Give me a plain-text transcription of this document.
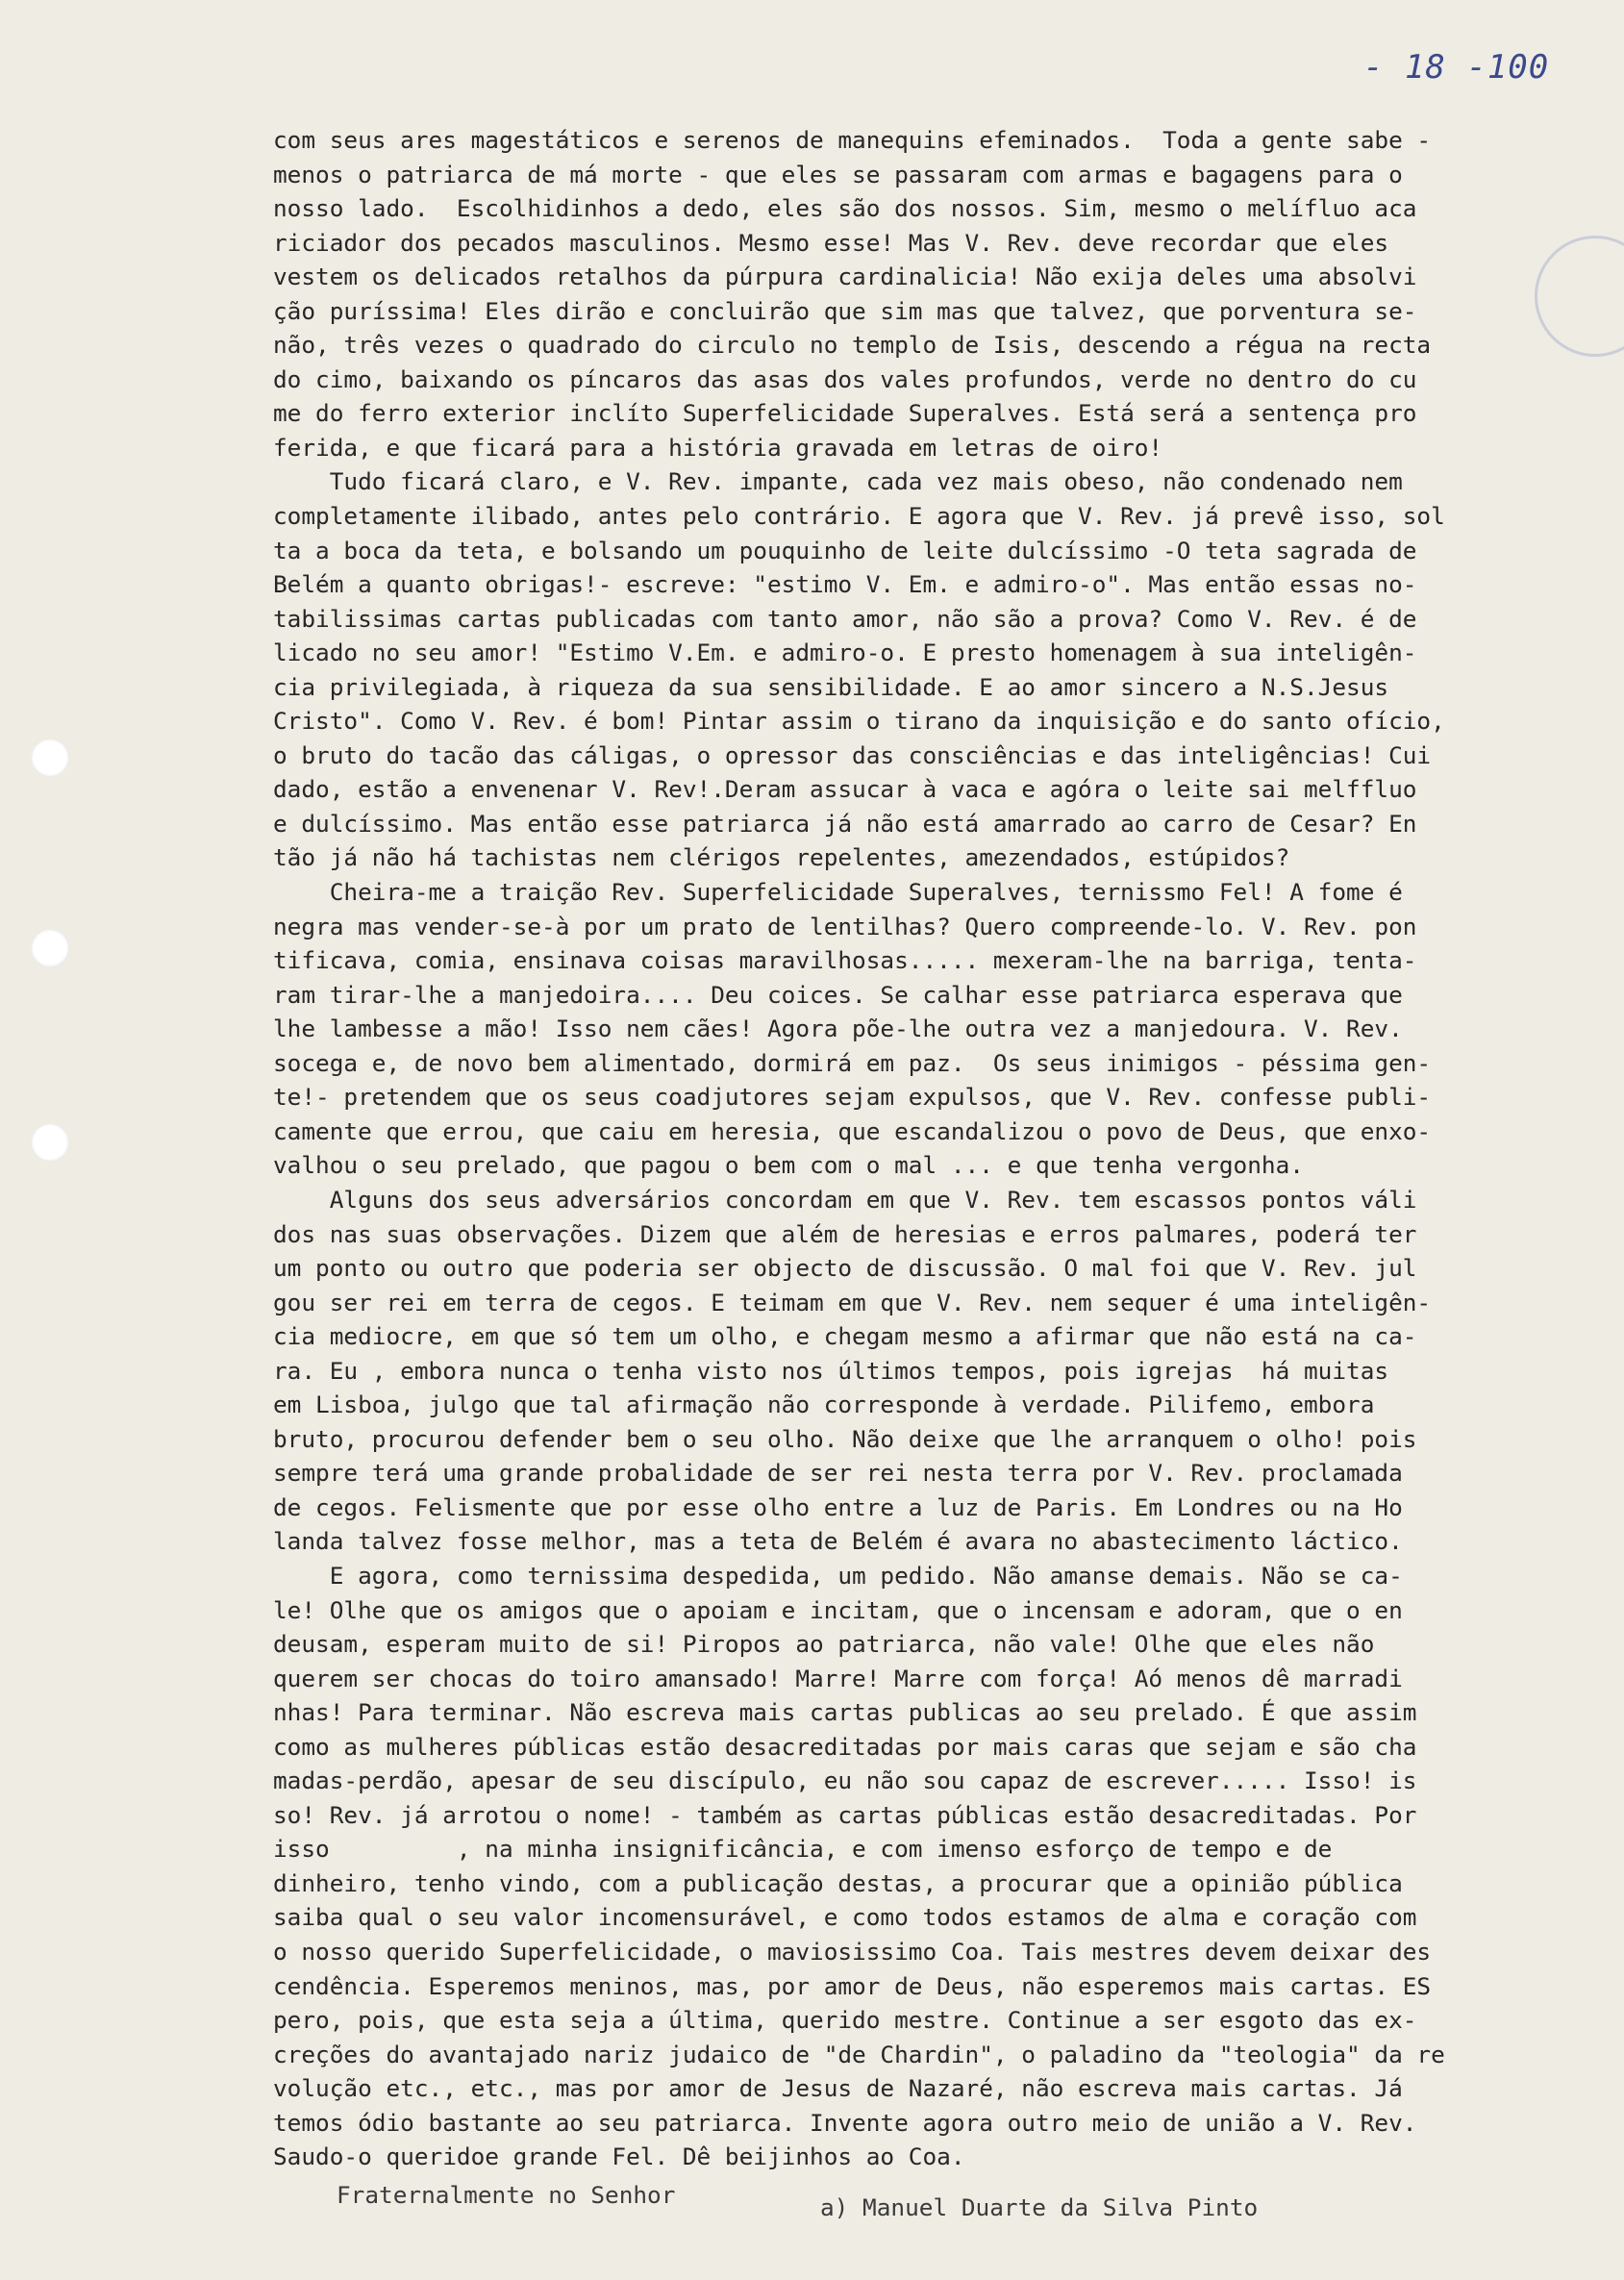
- 18 -100
com seus ares magestáticos e serenos de manequins efeminados.  Toda a gente sabe -
menos o patriarca de má morte - que eles se passaram com armas e bagagens para o
nosso lado.  Escolhidinhos a dedo, eles são dos nossos. Sim, mesmo o melífluo aca
riciador dos pecados masculinos. Mesmo esse! Mas V. Rev. deve recordar que eles
vestem os delicados retalhos da púrpura cardinalicia! Não exija deles uma absolvi
ção puríssima! Eles dirão e concluirão que sim mas que talvez, que porventura se-
não, três vezes o quadrado do circulo no templo de Isis, descendo a régua na recta
do cimo, baixando os píncaros das asas dos vales profundos, verde no dentro do cu
me do ferro exterior inclíto Superfelicidade Superalves. Está será a sentença pro
ferida, e que ficará para a história gravada em letras de oiro!
Tudo ficará claro, e V. Rev. impante, cada vez mais obeso, não condenado nem
completamente ilibado, antes pelo contrário. E agora que V. Rev. já prevê isso, sol
ta a boca da teta, e bolsando um pouquinho de leite dulcíssimo -O teta sagrada de
Belém a quanto obrigas!- escreve: "estimo V. Em. e admiro-o". Mas então essas no-
tabilissimas cartas publicadas com tanto amor, não são a prova? Como V. Rev. é de
licado no seu amor! "Estimo V.Em. e admiro-o. E presto homenagem à sua inteligên-
cia privilegiada, à riqueza da sua sensibilidade. E ao amor sincero a N.S.Jesus
Cristo". Como V. Rev. é bom! Pintar assim o tirano da inquisição e do santo ofício,
o bruto do tacão das cáligas, o opressor das consciências e das inteligências! Cui
dado, estão a envenenar V. Rev!.Deram assucar à vaca e agóra o leite sai melffluo
e dulcíssimo. Mas então esse patriarca já não está amarrado ao carro de Cesar? En
tão já não há tachistas nem clérigos repelentes, amezendados, estúpidos?
Cheira-me a traição Rev. Superfelicidade Superalves, ternissmo Fel! A fome é
negra mas vender-se-à por um prato de lentilhas? Quero compreende-lo. V. Rev. pon
tificava, comia, ensinava coisas maravilhosas..... mexeram-lhe na barriga, tenta-
ram tirar-lhe a manjedoira.... Deu coices. Se calhar esse patriarca esperava que
lhe lambesse a mão! Isso nem cães! Agora põe-lhe outra vez a manjedoura. V. Rev.
socega e, de novo bem alimentado, dormirá em paz.  Os seus inimigos - péssima gen-
te!- pretendem que os seus coadjutores sejam expulsos, que V. Rev. confesse publi-
camente que errou, que caiu em heresia, que escandalizou o povo de Deus, que enxo-
valhou o seu prelado, que pagou o bem com o mal ... e que tenha vergonha.
Alguns dos seus adversários concordam em que V. Rev. tem escassos pontos váli
dos nas suas observações. Dizem que além de heresias e erros palmares, poderá ter
um ponto ou outro que poderia ser objecto de discussão. O mal foi que V. Rev. jul
gou ser rei em terra de cegos. E teimam em que V. Rev. nem sequer é uma inteligên-
cia mediocre, em que só tem um olho, e chegam mesmo a afirmar que não está na ca-
ra. Eu , embora nunca o tenha visto nos últimos tempos, pois igrejas  há muitas
em Lisboa, julgo que tal afirmação não corresponde à verdade. Pilifemo, embora
bruto, procurou defender bem o seu olho. Não deixe que lhe arranquem o olho! pois
sempre terá uma grande probalidade de ser rei nesta terra por V. Rev. proclamada
de cegos. Felismente que por esse olho entre a luz de Paris. Em Londres ou na Ho
landa talvez fosse melhor, mas a teta de Belém é avara no abastecimento láctico.
E agora, como ternissima despedida, um pedido. Não amanse demais. Não se ca-
le! Olhe que os amigos que o apoiam e incitam, que o incensam e adoram, que o en
deusam, esperam muito de si! Piropos ao patriarca, não vale! Olhe que eles não
querem ser chocas do toiro amansado! Marre! Marre com força! Aó menos dê marradi
nhas! Para terminar. Não escreva mais cartas publicas ao seu prelado. É que assim
como as mulheres públicas estão desacreditadas por mais caras que sejam e são cha
madas-perdão, apesar de seu discípulo, eu não sou capaz de escrever..... Isso! is
so! Rev. já arrotou o nome! - também as cartas públicas estão desacreditadas. Por
isso         , na minha insignificância, e com imenso esforço de tempo e de
dinheiro, tenho vindo, com a publicação destas, a procurar que a opinião pública
saiba qual o seu valor incomensurável, e como todos estamos de alma e coração com
o nosso querido Superfelicidade, o maviosissimo Coa. Tais mestres devem deixar des
cendência. Esperemos meninos, mas, por amor de Deus, não esperemos mais cartas. ES
pero, pois, que esta seja a última, querido mestre. Continue a ser esgoto das ex-
creções do avantajado nariz judaico de "de Chardin", o paladino da "teologia" da re
volução etc., etc., mas por amor de Jesus de Nazaré, não escreva mais cartas. Já
temos ódio bastante ao seu patriarca. Invente agora outro meio de união a V. Rev.
Saudo-o queridoe grande Fel. Dê beijinhos ao Coa.
Fraternalmente no Senhor	a) Manuel Duarte da Silva Pinto
